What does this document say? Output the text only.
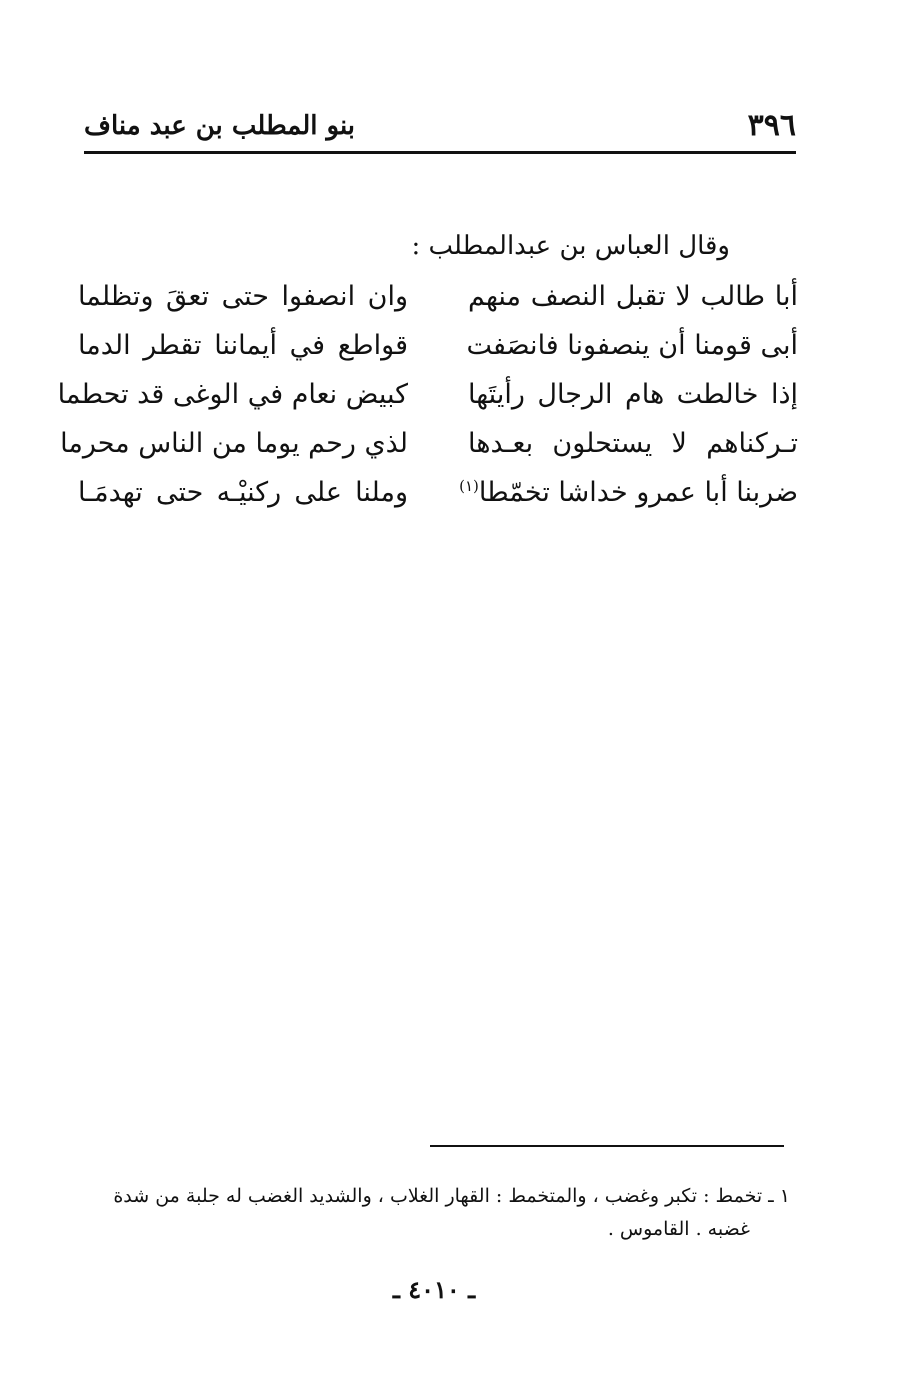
٣٩٦
بنو المطلب بن عبد مناف
وقال العباس بن عبدالمطلب :
أبا طالب لا تقبل النصف منهم
وان انصفوا حتى تعقَ وتظلما
أبى قومنا أن ينصفونا فانصَفت
قواطع في أيماننا تقطر الدما
إذا خالطت هام الرجال رأيتَها
كبيض نعام في الوغى قد تحطما
تـركناهم لا يستحلون بعـدها
لذي رحم يوما من الناس محرما
ضربنا أبا عمرو خداشا تخمّطا$^{(١)}$
وملنا على ركنيْـه حتى تهدمَـا
١ ـ تخمط : تكبر وغضب ، والمتخمط : القهار الغلاب ، والشديد الغضب له جلبة من شدة
غضبه . القاموس .
ـ ٤٠١٠ ـ
